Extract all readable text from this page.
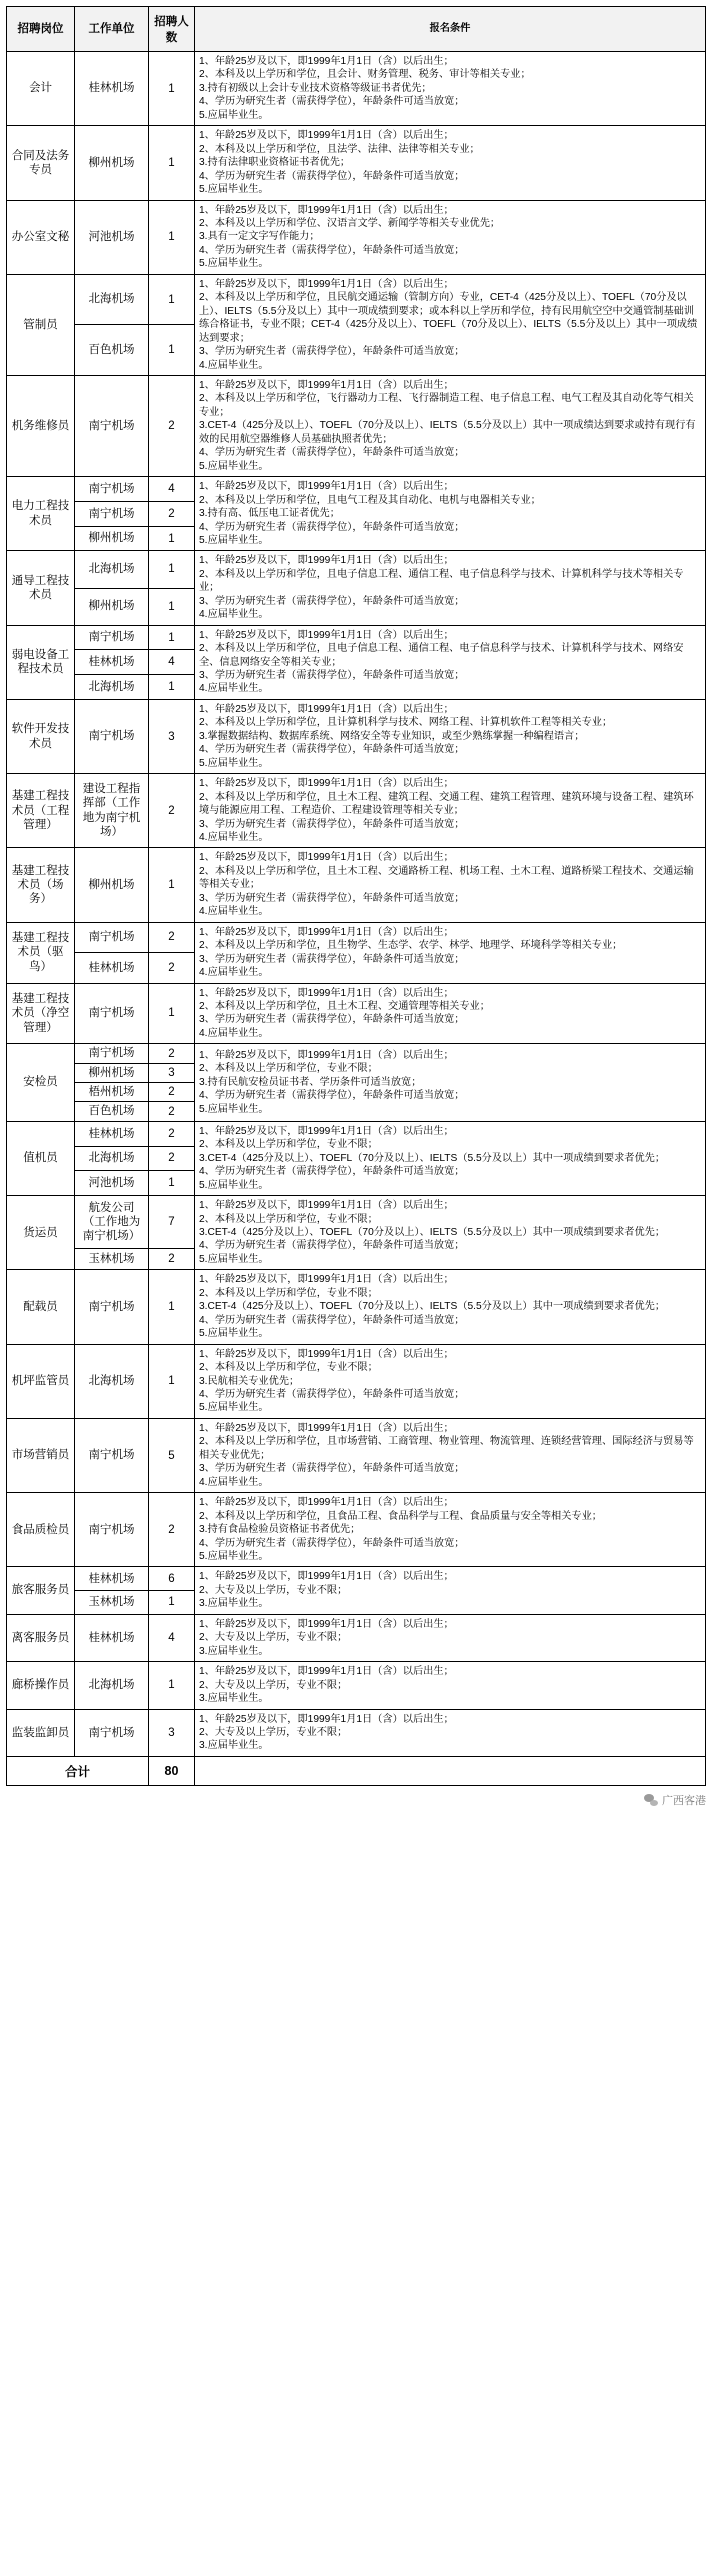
招聘岗位	工作单位	招聘人数	报名条件
会计	桂林机场	1	1、年龄25岁及以下，即1999年1月1日（含）以后出生；
2、本科及以上学历和学位，且会计、财务管理、税务、审计等相关专业；
3.持有初级以上会计专业技术资格等级证书者优先；
4、学历为研究生者（需获得学位），年龄条件可适当放宽；
5.应届毕业生。

合同及法务专员	柳州机场	1	1、年龄25岁及以下，即1999年1月1日（含）以后出生；
2、本科及以上学历和学位，且法学、法律、法律等相关专业；
3.持有法律职业资格证书者优先；
4、学历为研究生者（需获得学位），年龄条件可适当放宽；
5.应届毕业生。

办公室文秘	河池机场	1	1、年龄25岁及以下，即1999年1月1日（含）以后出生；
2、本科及以上学历和学位、汉语言文学、新闻学等相关专业优先；
3.具有一定文字写作能力；
4、学历为研究生者（需获得学位），年龄条件可适当放宽；
5.应届毕业生。

管制员	北海机场	1	1、年龄25岁及以下，即1999年1月1日（含）以后出生；
2、本科及以上学历和学位，且民航交通运输（管制方向）专业，CET-4（425分及以上）、TOEFL（70分及以上）、IELTS（5.5分及以上）其中一项成绩到要求；或本科以上学历和学位，持有民用航空空中交通管制基础训练合格证书，专业不限；CET-4（425分及以上）、TOEFL（70分及以上）、IELTS（5.5分及以上）其中一项成绩达到要求；
3、学历为研究生者（需获得学位），年龄条件可适当放宽；
4.应届毕业生。

	百色机场	1	
机务维修员	南宁机场	2	1、年龄25岁及以下，即1999年1月1日（含）以后出生；
2、本科及以上学历和学位，飞行器动力工程、飞行器制造工程、电子信息工程、电气工程及其自动化等气相关专业；
3.CET-4（425分及以上）、TOEFL（70分及以上）、IELTS（5.5分及以上）其中一项成绩达到要求或持有现行有效的民用航空器维修人员基础执照者优先；
4、学历为研究生者（需获得学位），年龄条件可适当放宽；
5.应届毕业生。

电力工程技术员	南宁机场	4	1、年龄25岁及以下，即1999年1月1日（含）以后出生；
2、本科及以上学历和学位，且电气工程及其自动化、电机与电器相关专业；
3.持有高、低压电工证者优先；
4、学历为研究生者（需获得学位），年龄条件可适当放宽；
5.应届毕业生。

	南宁机场	2	
	柳州机场	1	
通导工程技术员	北海机场	1	1、年龄25岁及以下，即1999年1月1日（含）以后出生；
2、本科及以上学历和学位，且电子信息工程、通信工程、电子信息科学与技术、计算机科学与技术等相关专业；
3、学历为研究生者（需获得学位），年龄条件可适当放宽；
4.应届毕业生。

	柳州机场	1	
弱电设备工程技术员	南宁机场	1	1、年龄25岁及以下，即1999年1月1日（含）以后出生；
2、本科及以上学历和学位，且电子信息工程、通信工程、电子信息科学与技术、计算机科学与技术、网络安全、信息网络安全等相关专业；
3、学历为研究生者（需获得学位），年龄条件可适当放宽；
4.应届毕业生。

	桂林机场	4	
	北海机场	1	
软件开发技术员	南宁机场	3	1、年龄25岁及以下，即1999年1月1日（含）以后出生；
2、本科及以上学历和学位，且计算机科学与技术、网络工程、计算机软件工程等相关专业；
3.掌握数据结构、数据库系统、网络安全等专业知识，或至少熟练掌握一种编程语言；
4、学历为研究生者（需获得学位），年龄条件可适当放宽；
5.应届毕业生。

基建工程技术员（工程管理）	建设工程指挥部（工作地为南宁机场）	2	1、年龄25岁及以下，即1999年1月1日（含）以后出生；
2、本科及以上学历和学位，且土木工程、建筑工程、交通工程、建筑工程管理、建筑环境与设备工程、建筑环境与能源应用工程、工程造价、工程建设管理等相关专业；
3、学历为研究生者（需获得学位），年龄条件可适当放宽；
4.应届毕业生。

基建工程技术员（场务）	柳州机场	1	1、年龄25岁及以下，即1999年1月1日（含）以后出生；
2、本科及以上学历和学位，且土木工程、交通路桥工程、机场工程、土木工程、道路桥梁工程技术、交通运输等相关专业；
3、学历为研究生者（需获得学位），年龄条件可适当放宽；
4.应届毕业生。

基建工程技术员（驱鸟）	南宁机场	2	1、年龄25岁及以下，即1999年1月1日（含）以后出生；
2、本科及以上学历和学位，且生物学、生态学、农学、林学、地理学、环境科学等相关专业；
3、学历为研究生者（需获得学位），年龄条件可适当放宽；
4.应届毕业生。

	桂林机场	2	
基建工程技术员（净空管理）	南宁机场	1	1、年龄25岁及以下，即1999年1月1日（含）以后出生；
2、本科及以上学历和学位，且土木工程、交通管理等相关专业；
3、学历为研究生者（需获得学位），年龄条件可适当放宽；
4.应届毕业生。

安检员	南宁机场	2	1、年龄25岁及以下，即1999年1月1日（含）以后出生；
2、本科及以上学历和学位，专业不限；
3.持有民航安检员证书者、学历条件可适当放宽；
4、学历为研究生者（需获得学位），年龄条件可适当放宽；
5.应届毕业生。

	柳州机场	3	
	梧州机场	2	
	百色机场	2	
值机员	桂林机场	2	1、年龄25岁及以下，即1999年1月1日（含）以后出生；
2、本科及以上学历和学位，专业不限；
3.CET-4（425分及以上）、TOEFL（70分及以上）、IELTS（5.5分及以上）其中一项成绩到要求者优先；
4、学历为研究生者（需获得学位），年龄条件可适当放宽；
5.应届毕业生。

	北海机场	2	
	河池机场	1	
货运员	航发公司（工作地为南宁机场）	7	1、年龄25岁及以下，即1999年1月1日（含）以后出生；
2、本科及以上学历和学位，专业不限；
3.CET-4（425分及以上）、TOEFL（70分及以上）、IELTS（5.5分及以上）其中一项成绩到要求者优先；
4、学历为研究生者（需获得学位），年龄条件可适当放宽；
5.应届毕业生。

	玉林机场	2	
配载员	南宁机场	1	1、年龄25岁及以下，即1999年1月1日（含）以后出生；
2、本科及以上学历和学位，专业不限；
3.CET-4（425分及以上）、TOEFL（70分及以上）、IELTS（5.5分及以上）其中一项成绩到要求者优先；
4、学历为研究生者（需获得学位），年龄条件可适当放宽；
5.应届毕业生。

机坪监管员	北海机场	1	1、年龄25岁及以下，即1999年1月1日（含）以后出生；
2、本科及以上学历和学位，专业不限；
3.民航相关专业优先；
4、学历为研究生者（需获得学位），年龄条件可适当放宽；
5.应届毕业生。

市场营销员	南宁机场	5	1、年龄25岁及以下，即1999年1月1日（含）以后出生；
2、本科及以上学历和学位，且市场营销、工商管理、物业管理、物流管理、连锁经营管理、国际经济与贸易等相关专业优先；
3、学历为研究生者（需获得学位），年龄条件可适当放宽；
4.应届毕业生。

食品质检员	南宁机场	2	1、年龄25岁及以下，即1999年1月1日（含）以后出生；
2、本科及以上学历和学位，且食品工程、食品科学与工程、食品质量与安全等相关专业；
3.持有食品检验员资格证书者优先；
4、学历为研究生者（需获得学位），年龄条件可适当放宽；
5.应届毕业生。

旅客服务员	桂林机场	6	1、年龄25岁及以下，即1999年1月1日（含）以后出生；
2、大专及以上学历，专业不限；
3.应届毕业生。

	玉林机场	1	
离客服务员	桂林机场	4	1、年龄25岁及以下，即1999年1月1日（含）以后出生；
2、大专及以上学历，专业不限；
3.应届毕业生。

廊桥操作员	北海机场	1	1、年龄25岁及以下，即1999年1月1日（含）以后出生；
2、大专及以上学历，专业不限；
3.应届毕业生。

监装监卸员	南宁机场	3	1、年龄25岁及以下，即1999年1月1日（含）以后出生；
2、大专及以上学历，专业不限；
3.应届毕业生。

合计		80	
广西客港
